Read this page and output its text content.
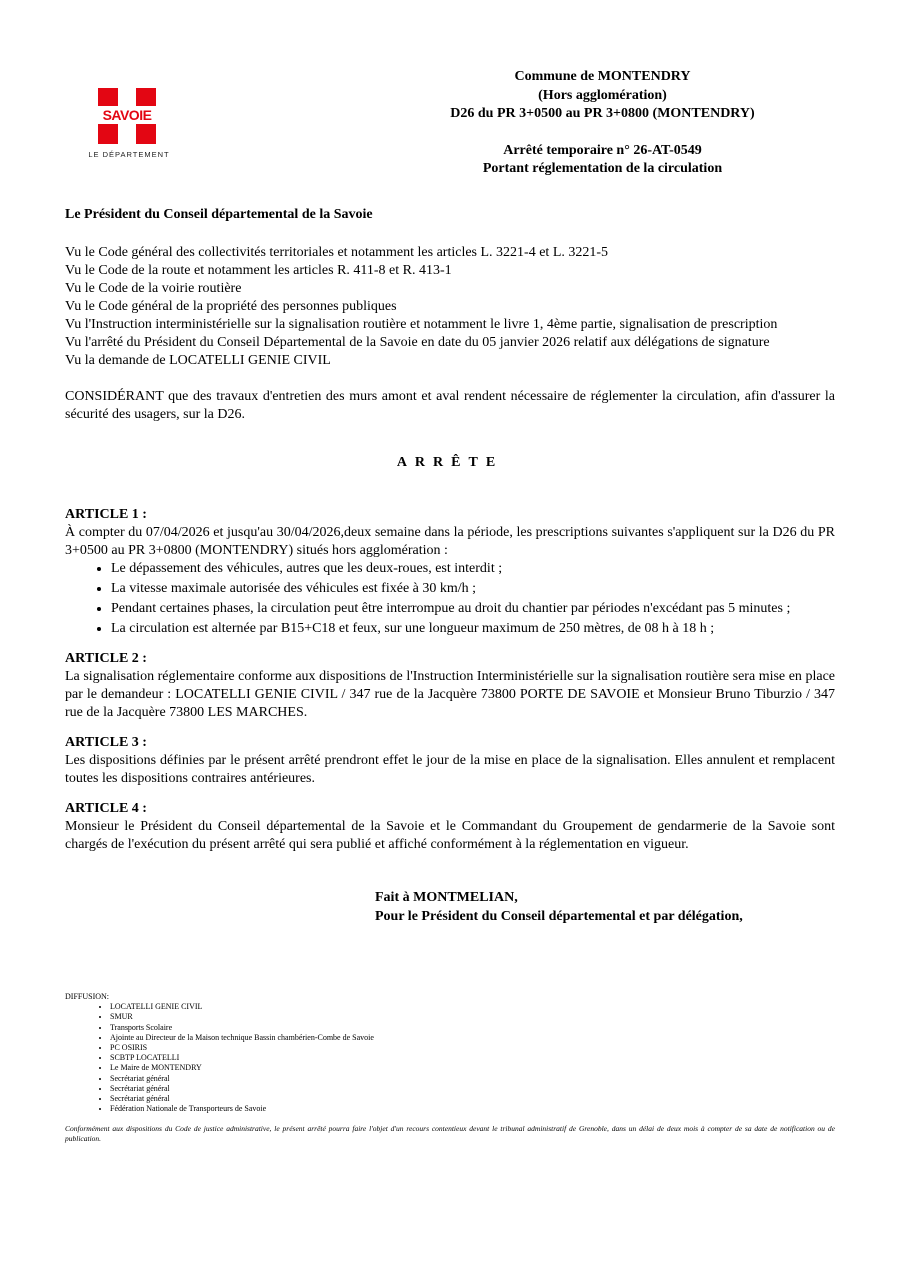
SAVOIE
LE DÉPARTEMENT
Commune de MONTENDRY
(Hors agglomération)
D26 du PR 3+0500 au PR 3+0800 (MONTENDRY)
Arrêté temporaire n° 26-AT-0549
Portant réglementation de la circulation

Le Président du Conseil départemental de la Savoie

Vu le Code général des collectivités territoriales et notamment les articles L. 3221-4 et L. 3221-5

Vu le Code de la route et notamment les articles R. 411-8 et R. 413-1

Vu le Code de la voirie routière

Vu le Code général de la propriété des personnes publiques

Vu l'Instruction interministérielle sur la signalisation routière et notamment le livre 1, 4ème partie, signalisation de prescription

Vu l'arrêté du Président du Conseil Départemental de la Savoie en date du 05 janvier 2026 relatif aux délégations de signature

Vu la demande de LOCATELLI GENIE CIVIL

CONSIDÉRANT que des travaux d'entretien des murs amont et aval rendent nécessaire de réglementer la circulation, afin d'assurer la sécurité des usagers, sur la D26.

ARRÊTE

ARTICLE 1 :

À compter du 07/04/2026 et jusqu'au 30/04/2026,deux semaine dans la période, les prescriptions suivantes s'appliquent sur la D26 du PR 3+0500 au PR 3+0800 (MONTENDRY) situés hors agglomération :

• Le dépassement des véhicules, autres que les deux-roues, est interdit ;
• La vitesse maximale autorisée des véhicules est fixée à 30 km/h ;
• Pendant certaines phases, la circulation peut être interrompue au droit du chantier par périodes n'excédant pas 5 minutes ;
• La circulation est alternée par B15+C18 et feux, sur une longueur maximum de 250 mètres, de 08 h à 18 h ;

ARTICLE 2 :

La signalisation réglementaire conforme aux dispositions de l'Instruction Interministérielle sur la signalisation routière sera mise en place par le demandeur : LOCATELLI GENIE CIVIL / 347 rue de la Jacquère 73800 PORTE DE SAVOIE et Monsieur Bruno Tiburzio / 347 rue de la Jacquère 73800 LES MARCHES.

ARTICLE 3 :

Les dispositions définies par le présent arrêté prendront effet le jour de la mise en place de la signalisation. Elles annulent et remplacent toutes les dispositions contraires antérieures.

ARTICLE 4 :

Monsieur le Président du Conseil départemental de la Savoie et le Commandant du Groupement de gendarmerie de la Savoie sont chargés de l'exécution du présent arrêté qui sera publié et affiché conformément à la réglementation en vigueur.

Fait à MONTMELIAN,
Pour le Président du Conseil départemental et par délégation,
DIFFUSION:
• LOCATELLI GENIE CIVIL
• SMUR
• Transports Scolaire
• Ajointe au Directeur de la Maison technique Bassin chambérien-Combe de Savoie
• PC OSIRIS
• SCBTP LOCATELLI
• Le Maire de MONTENDRY
• Secrétariat général
• Secrétariat général
• Secrétariat général
• Fédération Nationale de Transporteurs de Savoie
Conformément aux dispositions du Code de justice administrative, le présent arrêté pourra faire l'objet d'un recours contentieux devant le tribunal administratif de Grenoble, dans un délai de deux mois à compter de sa date de notification ou de publication.
